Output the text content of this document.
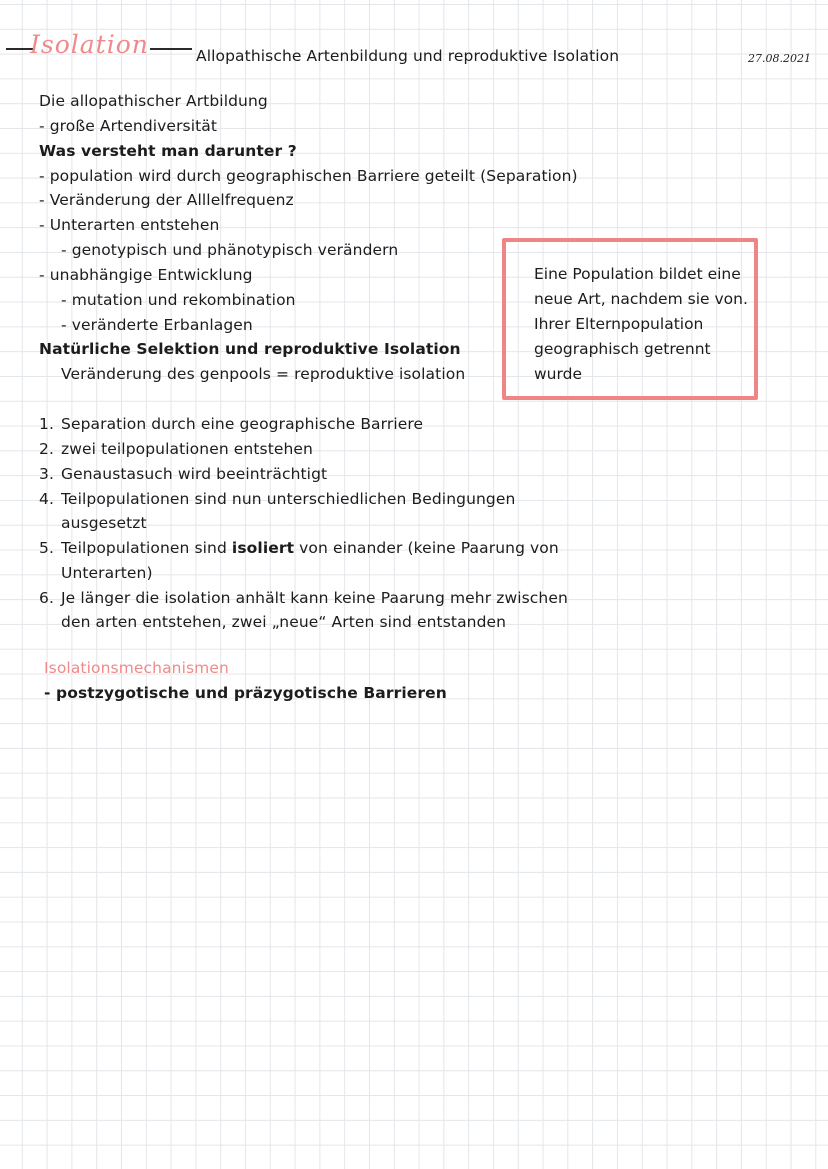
Isolation	Allopathische Artenbildung und reproduktive Isolation	27.08.2021
Die allopathischer Artbildung
- große Artendiversität
Was versteht man darunter ?
- population wird durch geographischen Barriere geteilt (Separation)
- Veränderung der Alllelfrequenz
- Unterarten entstehen
- genotypisch und phänotypisch verändern
- unabhängige Entwicklung
- mutation und rekombination
- veränderte Erbanlagen
Natürliche Selektion und reproduktive Isolation
Veränderung des genpools = reproduktive isolation
Eine Population bildet eine
neue Art, nachdem sie von.
Ihrer Elternpopulation
geographisch getrennt
wurde
1. Separation durch eine geographische Barriere
2. zwei teilpopulationen entstehen
3. Genaustasuch wird beeinträchtigt
4. Teilpopulationen sind nun unterschiedlichen Bedingungen
ausgesetzt
5. Teilpopulationen sind isoliert von einander (keine Paarung von
Unterarten)
6. Je länger die isolation anhält kann keine Paarung mehr zwischen
den arten entstehen, zwei „neue“ Arten sind entstanden
Isolationsmechanismen
- postzygotische und präzygotische Barrieren
